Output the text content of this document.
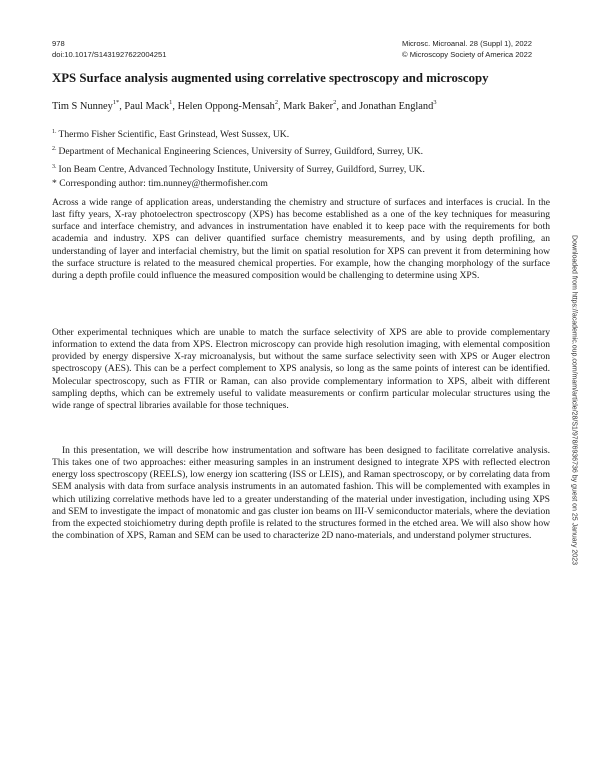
978
doi:10.1017/S1431927622004251
Microsc. Microanal. 28 (Suppl 1), 2022
© Microscopy Society of America 2022
XPS Surface analysis augmented using correlative spectroscopy and microscopy
Tim S Nunney$^{1*}$, Paul Mack$^1$, Helen Oppong-Mensah$^2$, Mark Baker$^2$, and Jonathan England$^3$
$^{1.}$ Thermo Fisher Scientific, East Grinstead, West Sussex, UK.
$^{2.}$ Department of Mechanical Engineering Sciences, University of Surrey, Guildford, Surrey, UK.
$^{3.}$ Ion Beam Centre, Advanced Technology Institute, University of Surrey, Guildford, Surrey, UK.
* Corresponding author: tim.nunney@thermofisher.com

Across a wide range of application areas, understanding the chemistry and structure of surfaces and interfaces is crucial. In the last fifty years, X-ray photoelectron spectroscopy (XPS) has become established as a one of the key techniques for measuring surface and interface chemistry, and advances in instrumentation have enabled it to keep pace with the requirements for both academia and industry. XPS can deliver quantified surface chemistry measurements, and by using depth profiling, an understanding of layer and interfacial chemistry, but the limit on spatial resolution for XPS can prevent it from determining how the surface structure is related to the measured chemical properties. For example, how the changing morphology of the surface during a depth profile could influence the measured composition would be challenging to determine using XPS.

Other experimental techniques which are unable to match the surface selectivity of XPS are able to provide complementary information to extend the data from XPS. Electron microscopy can provide high resolution imaging, with elemental composition provided by energy dispersive X-ray microanalysis, but without the same surface selectivity seen with XPS or Auger electron spectroscopy (AES). This can be a perfect complement to XPS analysis, so long as the same points of interest can be identified. Molecular spectroscopy, such as FTIR or Raman, can also provide complementary information to XPS, albeit with different sampling depths, which can be extremely useful to validate measurements or confirm particular molecular structures using the wide range of spectral libraries available for those techniques.

In this presentation, we will describe how instrumentation and software has been designed to facilitate correlative analysis. This takes one of two approaches: either measuring samples in an instrument designed to integrate XPS with reflected electron energy loss spectroscopy (REELS), low energy ion scattering (ISS or LEIS), and Raman spectroscopy, or by correlating data from SEM analysis with data from surface analysis instruments in an automated fashion. This will be complemented with examples in which utilizing correlative methods have led to a greater understanding of the material under investigation, including using XPS and SEM to investigate the impact of monatomic and gas cluster ion beams on III-V semiconductor materials, where the deviation from the expected stoichiometry during depth profile is related to the structures formed in the etched area. We will also show how the combination of XPS, Raman and SEM can be used to characterize 2D nano-materials, and understand polymer structures.	Downloaded from https://academic.oup.com/mam/article/28/S1/978/6936736 by guest on 25 January 2023
